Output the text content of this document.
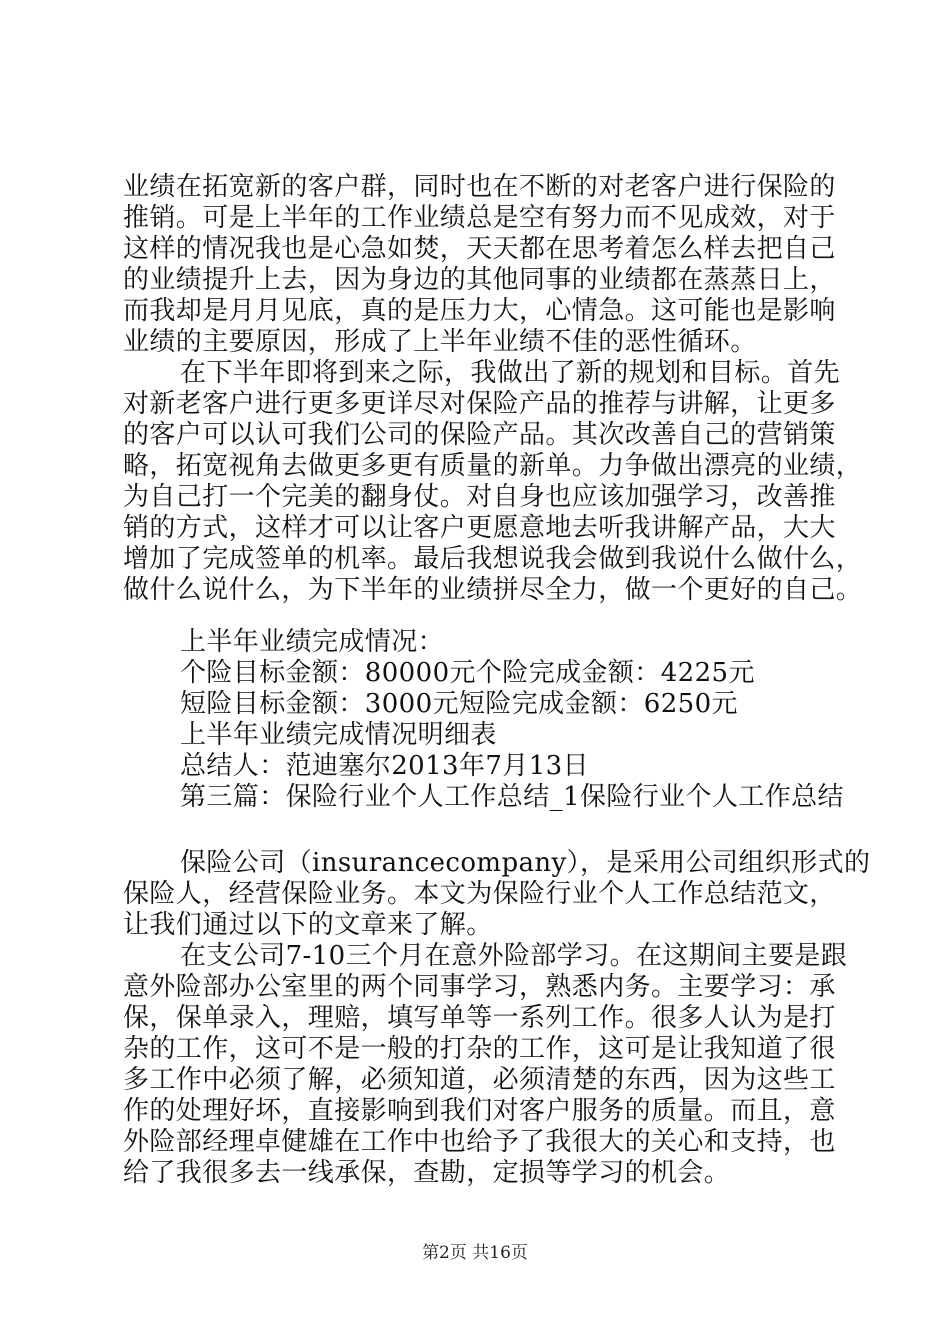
业绩在拓宽新的客户群，同时也在不断的对老客户进行保险的
推销。可是上半年的工作业绩总是空有努力而不见成效，对于
这样的情况我也是心急如焚，天天都在思考着怎么样去把自己
的业绩提升上去，因为身边的其他同事的业绩都在蒸蒸日上，
而我却是月月见底，真的是压力大，心情急。这可能也是影响
业绩的主要原因，形成了上半年业绩不佳的恶性循环。
在下半年即将到来之际，我做出了新的规划和目标。首先
对新老客户进行更多更详尽对保险产品的推荐与讲解，让更多
的客户可以认可我们公司的保险产品。其次改善自己的营销策
略，拓宽视角去做更多更有质量的新单。力争做出漂亮的业绩，
为自己打一个完美的翻身仗。对自身也应该加强学习，改善推
销的方式，这样才可以让客户更愿意地去听我讲解产品，大大
增加了完成签单的机率。最后我想说我会做到我说什么做什么，
做什么说什么，为下半年的业绩拼尽全力，做一个更好的自己。
上半年业绩完成情况：
个险目标金额：80000元个险完成金额：4225元
短险目标金额：3000元短险完成金额：6250元
上半年业绩完成情况明细表
总结人：范迪塞尔2013年7月13日
第三篇：保险行业个人工作总结_1保险行业个人工作总结
保险公司（insurancecompany），是采用公司组织形式的
保险人，经营保险业务。本文为保险行业个人工作总结范文，
让我们通过以下的文章来了解。
在支公司7-10三个月在意外险部学习。在这期间主要是跟
意外险部办公室里的两个同事学习，熟悉内务。主要学习：承
保，保单录入，理赔，填写单等一系列工作。很多人认为是打
杂的工作，这可不是一般的打杂的工作，这可是让我知道了很
多工作中必须了解，必须知道，必须清楚的东西，因为这些工
作的处理好坏，直接影响到我们对客户服务的质量。而且，意
外险部经理卓健雄在工作中也给予了我很大的关心和支持，也
给了我很多去一线承保，查勘，定损等学习的机会。
第2页 共16页
